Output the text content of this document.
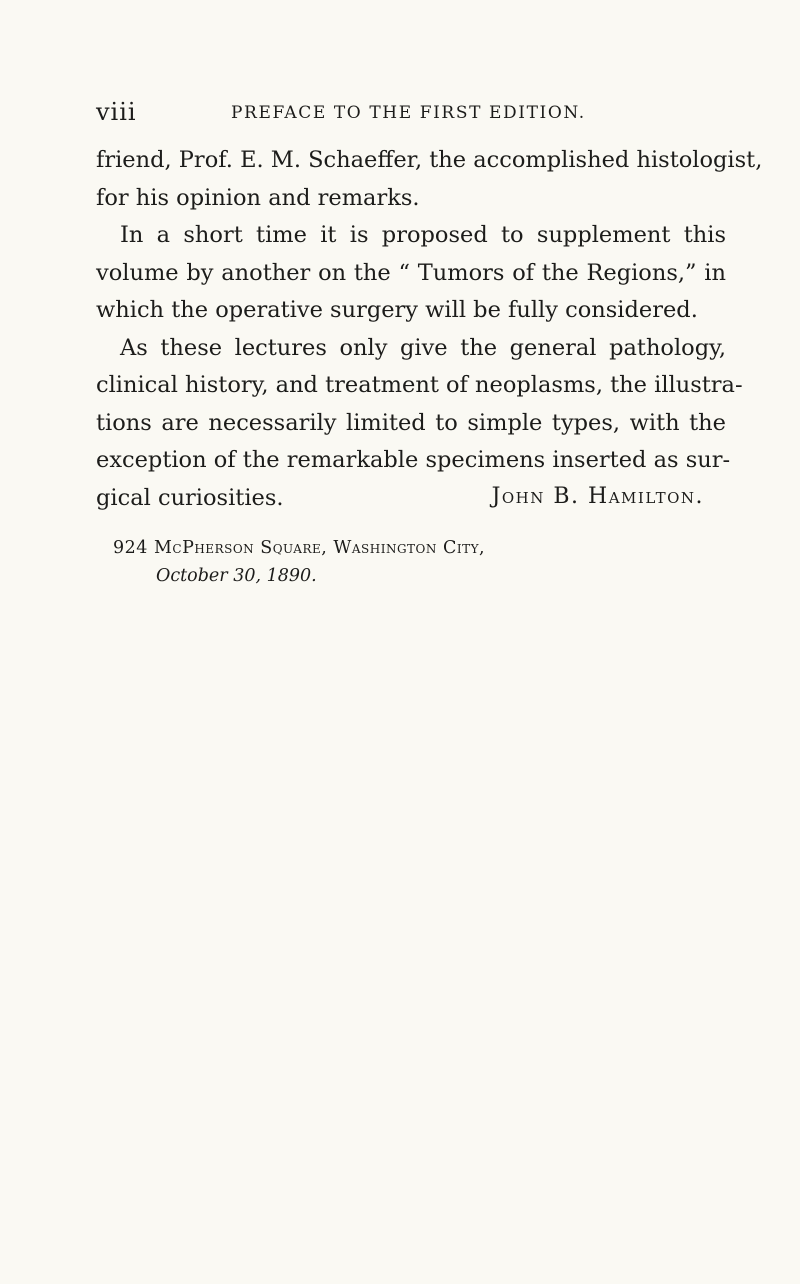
viii	PREFACE TO THE FIRST EDITION.
friend, Prof. E. M. Schaeffer, the accomplished histologist,
for his opinion and remarks.
In a short time it is proposed to supplement this
volume by another on the “ Tumors of the Regions,” in
which the operative surgery will be fully considered.
As these lectures only give the general pathology,
clinical history, and treatment of neoplasms, the illustra-
tions are necessarily limited to simple types, with the
exception of the remarkable specimens inserted as sur-
gical curiosities.	John B. Hamilton.
924 McPherson Square, Washington City,
October 30, 1890.
